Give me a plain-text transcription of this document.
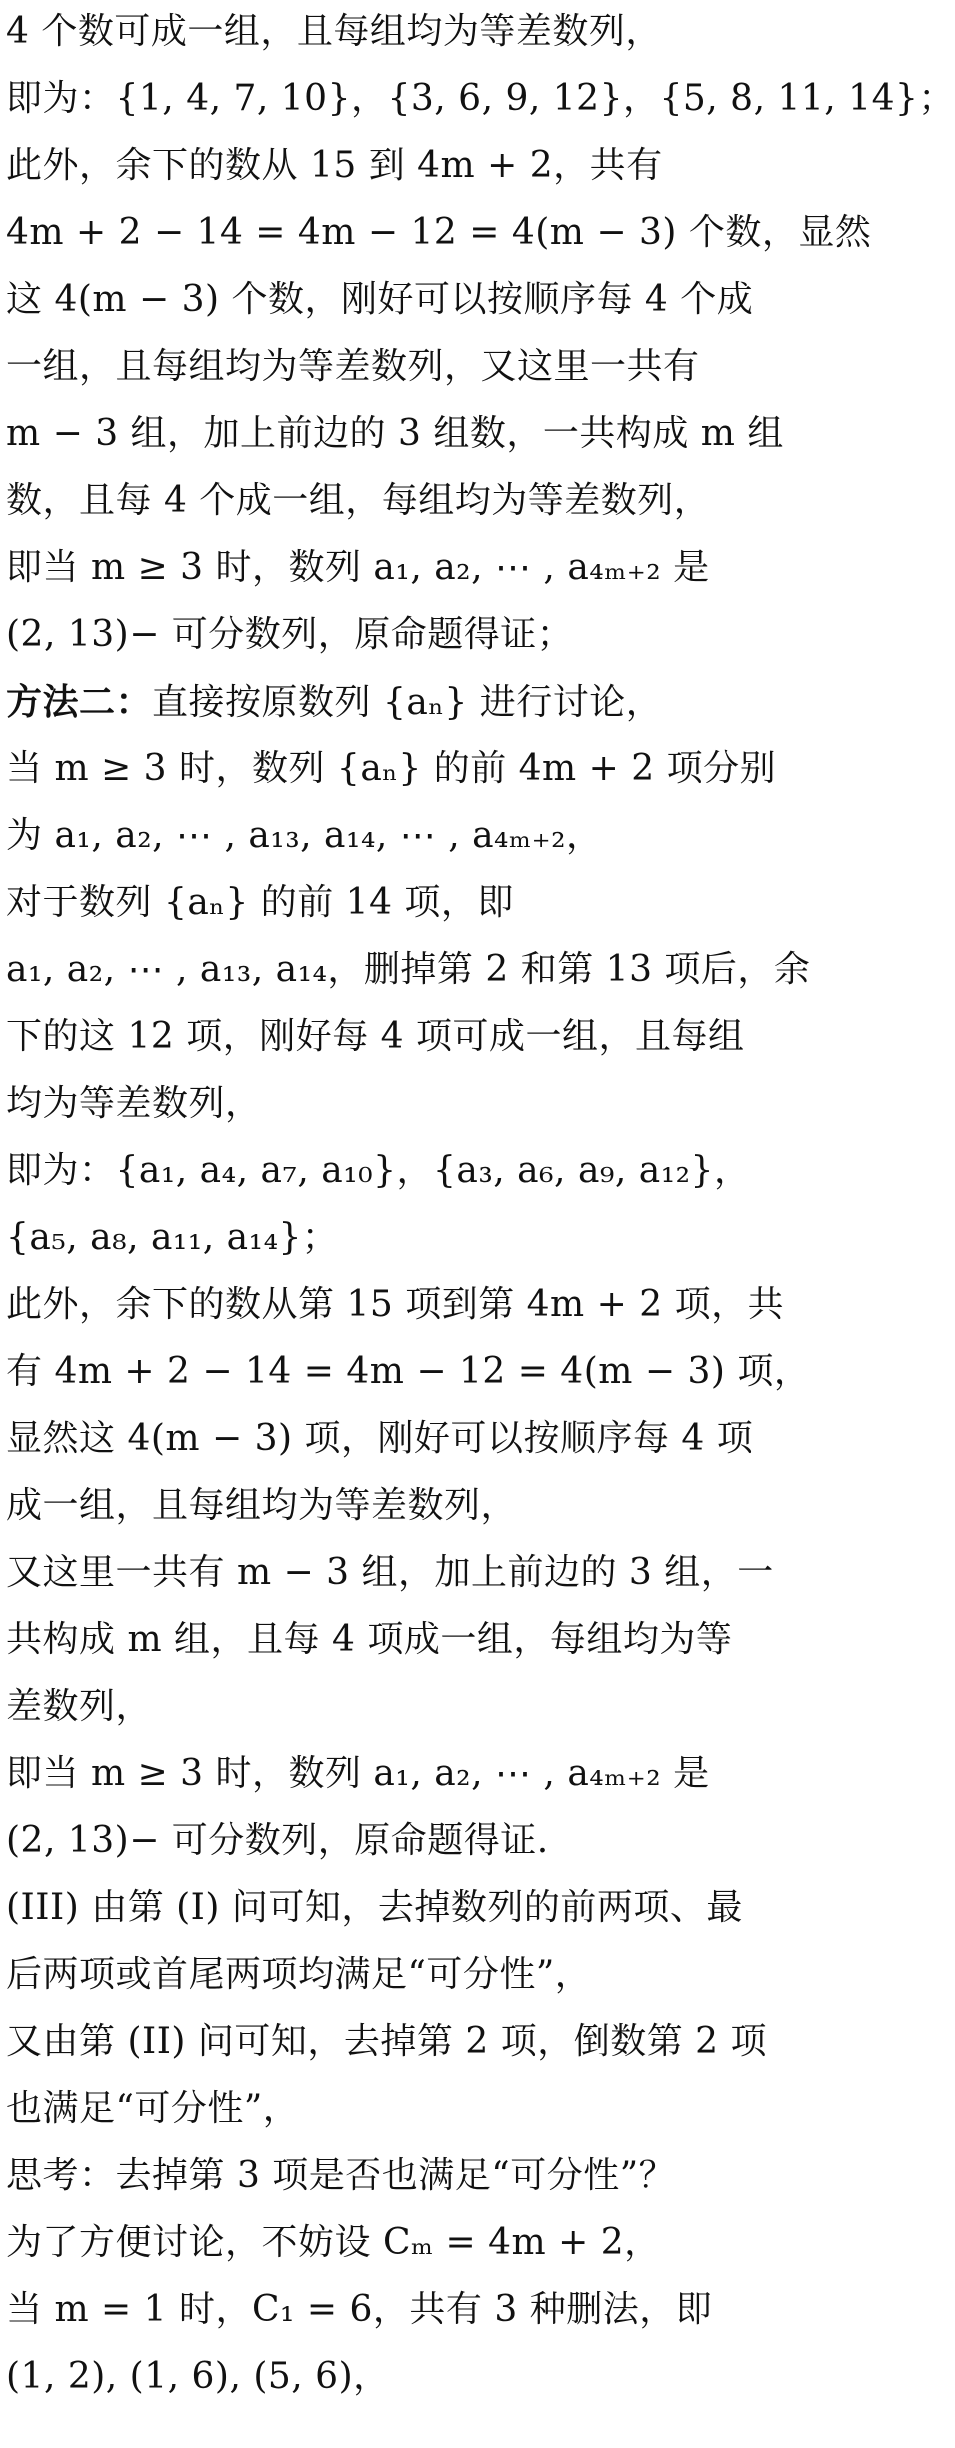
4 个数可成一组，且每组均为等差数列，
即为：{1, 4, 7, 10}，{3, 6, 9, 12}，{5, 8, 11, 14}；
此外，余下的数从 15 到 4m + 2，共有
4m + 2 − 14 = 4m − 12 = 4(m − 3) 个数，显然
这 4(m − 3) 个数，刚好可以按顺序每 4 个成
一组，且每组均为等差数列，又这里一共有
m − 3 组，加上前边的 3 组数，一共构成 m 组
数，且每 4 个成一组，每组均为等差数列，
即当 m ≥ 3 时，数列 a₁, a₂, ⋯ , a₄ₘ₊₂ 是
(2, 13)− 可分数列，原命题得证；
方法二：直接按原数列 {aₙ} 进行讨论，
当 m ≥ 3 时，数列 {aₙ} 的前 4m + 2 项分别
为 a₁, a₂, ⋯ , a₁₃, a₁₄, ⋯ , a₄ₘ₊₂，
对于数列 {aₙ} 的前 14 项，即
a₁, a₂, ⋯ , a₁₃, a₁₄，删掉第 2 和第 13 项后，余
下的这 12 项，刚好每 4 项可成一组，且每组
均为等差数列，
即为：{a₁, a₄, a₇, a₁₀}，{a₃, a₆, a₉, a₁₂}，
{a₅, a₈, a₁₁, a₁₄}；
此外，余下的数从第 15 项到第 4m + 2 项，共
有 4m + 2 − 14 = 4m − 12 = 4(m − 3) 项，
显然这 4(m − 3) 项，刚好可以按顺序每 4 项
成一组，且每组均为等差数列，
又这里一共有 m − 3 组，加上前边的 3 组，一
共构成 m 组，且每 4 项成一组，每组均为等
差数列，
即当 m ≥ 3 时，数列 a₁, a₂, ⋯ , a₄ₘ₊₂ 是
(2, 13)− 可分数列，原命题得证.
(III) 由第 (I) 问可知，去掉数列的前两项、最
后两项或首尾两项均满足“可分性”，
又由第 (II) 问可知，去掉第 2 项，倒数第 2 项
也满足“可分性”，
思考：去掉第 3 项是否也满足“可分性”？
为了方便讨论，不妨设 Cₘ = 4m + 2，
当 m = 1 时，C₁ = 6，共有 3 种删法，即
(1, 2), (1, 6), (5, 6)，
